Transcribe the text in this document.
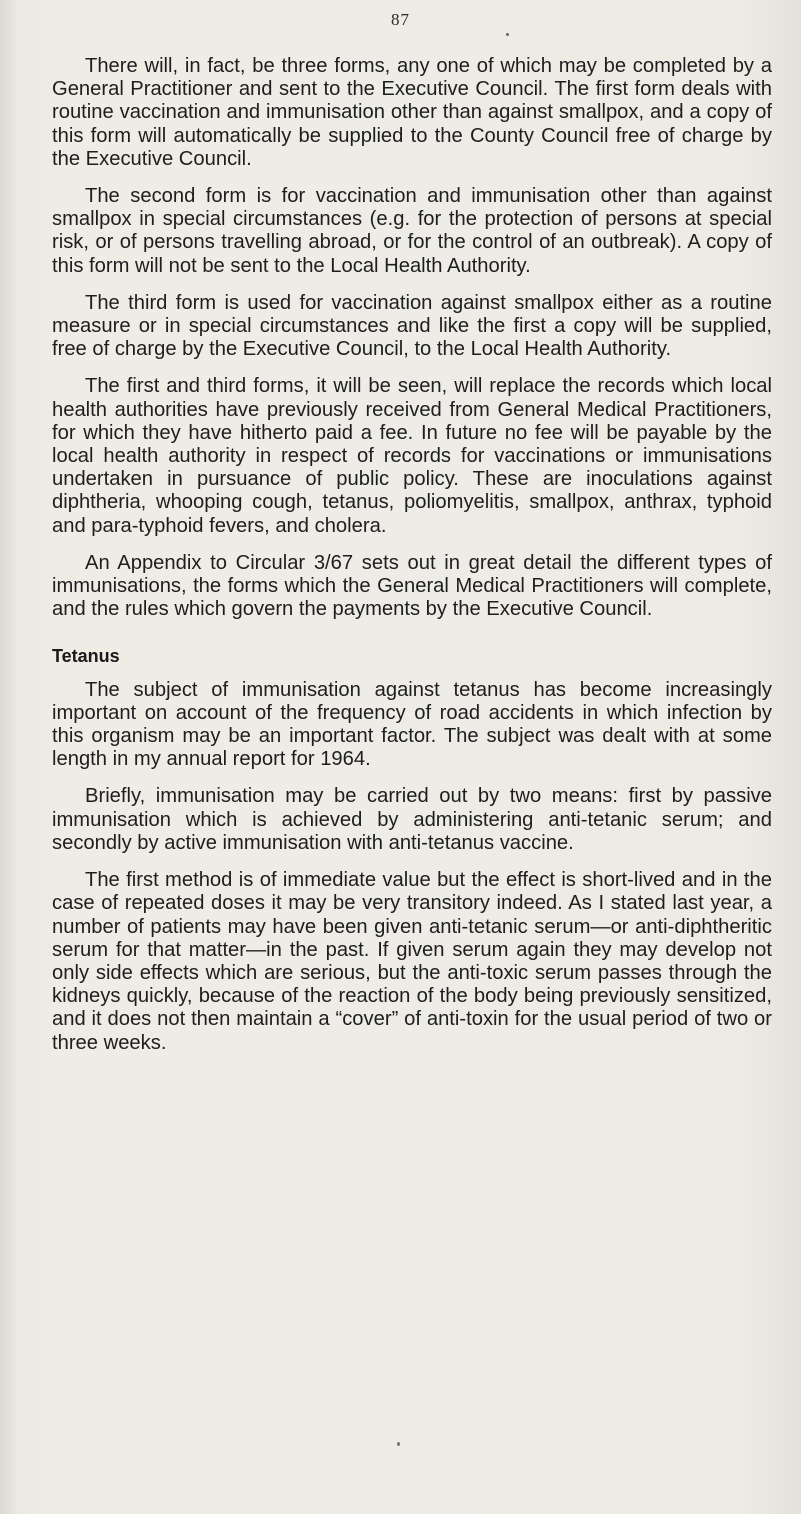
87

There will, in fact, be three forms, any one of which may be completed by a General Practitioner and sent to the Executive Council. The first form deals with routine vaccination and immunisation other than against smallpox, and a copy of this form will automatically be supplied to the County Council free of charge by the Executive Council.

The second form is for vaccination and immunisation other than against smallpox in special circumstances (e.g. for the protection of persons at special risk, or of persons travelling abroad, or for the control of an outbreak). A copy of this form will not be sent to the Local Health Authority.

The third form is used for vaccination against smallpox either as a routine measure or in special circumstances and like the first a copy will be supplied, free of charge by the Executive Council, to the Local Health Authority.

The first and third forms, it will be seen, will replace the records which local health authorities have previously received from General Medical Practitioners, for which they have hitherto paid a fee. In future no fee will be payable by the local health authority in respect of records for vaccinations or immunisations undertaken in pursuance of public policy. These are inoculations against diphtheria, whooping cough, tetanus, poliomyelitis, smallpox, anthrax, typhoid and para-typhoid fevers, and cholera.

An Appendix to Circular 3/67 sets out in great detail the different types of immunisations, the forms which the General Medical Practitioners will complete, and the rules which govern the payments by the Executive Council.

Tetanus

The subject of immunisation against tetanus has become increasingly important on account of the frequency of road accidents in which infection by this organism may be an important factor. The subject was dealt with at some length in my annual report for 1964.

Briefly, immunisation may be carried out by two means: first by passive immunisation which is achieved by administering anti-tetanic serum; and secondly by active immunisation with anti-tetanus vaccine.

The first method is of immediate value but the effect is short-lived and in the case of repeated doses it may be very transitory indeed. As I stated last year, a number of patients may have been given anti-tetanic serum—or anti-diphtheritic serum for that matter—in the past. If given serum again they may develop not only side effects which are serious, but the anti-toxic serum passes through the kidneys quickly, because of the reaction of the body being previously sensitized, and it does not then maintain a “cover” of anti-toxin for the usual period of two or three weeks.
